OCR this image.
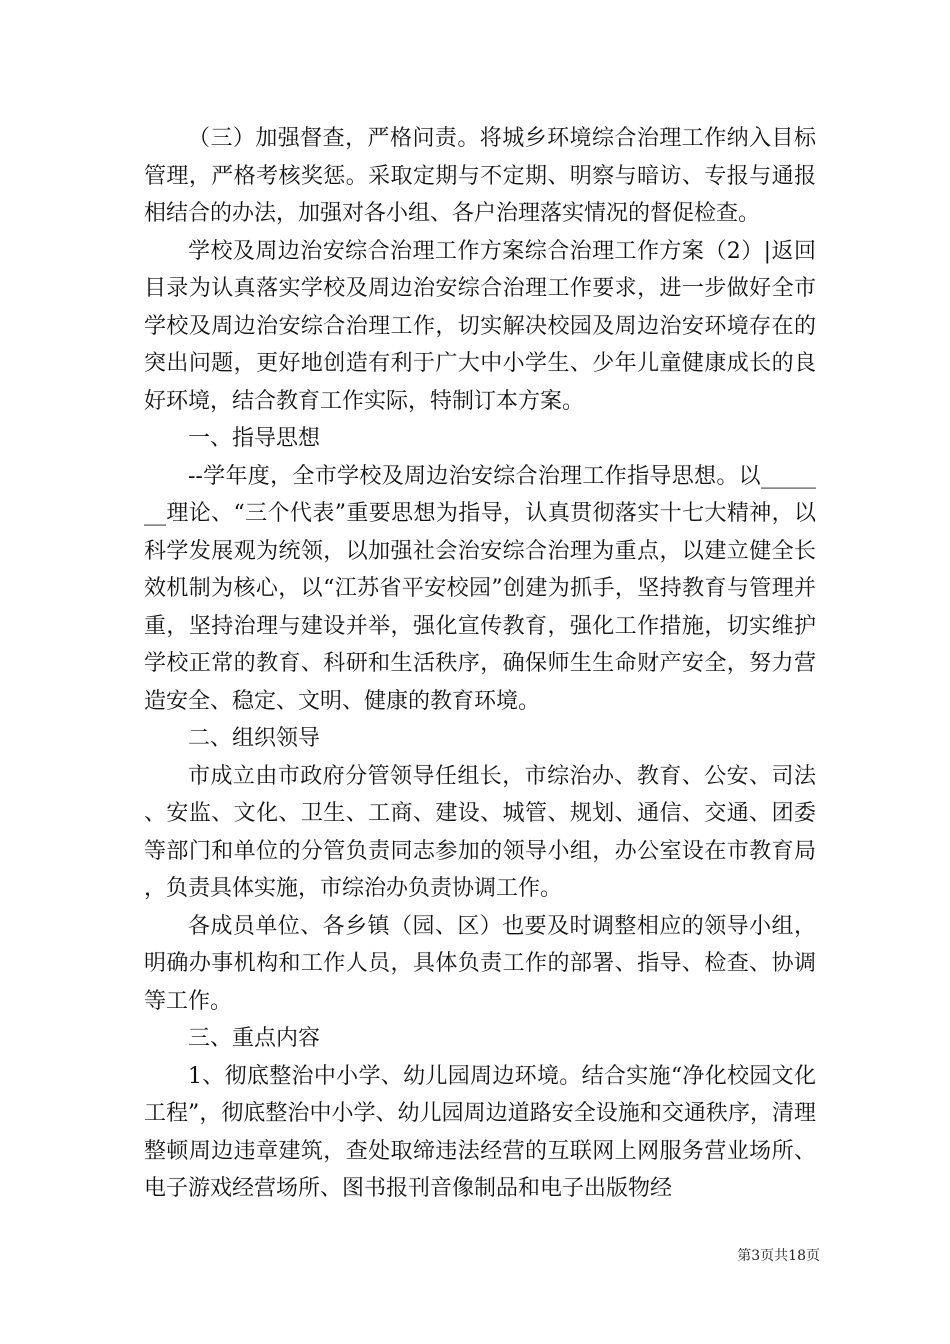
（三）加强督查，严格问责。将城乡环境综合治理工作纳入目标管理，严格考核奖惩。采取定期与不定期、明察与暗访、专报与通报相结合的办法，加强对各小组、各户治理落实情况的督促检查。

学校及周边治安综合治理工作方案综合治理工作方案（2）|返回目录为认真落实学校及周边治安综合治理工作要求，进一步做好全市学校及周边治安综合治理工作，切实解决校园及周边治安环境存在的突出问题，更好地创造有利于广大中小学生、少年儿童健康成长的良好环境，结合教育工作实际，特制订本方案。

一、指导思想

--学年度，全市学校及周边治安综合治理工作指导思想。以_______理论、“三个代表”重要思想为指导，认真贯彻落实十七大精神，以科学发展观为统领，以加强社会治安综合治理为重点，以建立健全长效机制为核心，以“江苏省平安校园”创建为抓手，坚持教育与管理并重，坚持治理与建设并举，强化宣传教育，强化工作措施，切实维护学校正常的教育、科研和生活秩序，确保师生生命财产安全，努力营造安全、稳定、文明、健康的教育环境。

二、组织领导

市成立由市政府分管领导任组长，市综治办、教育、公安、司法、安监、文化、卫生、工商、建设、城管、规划、通信、交通、团委等部门和单位的分管负责同志参加的领导小组，办公室设在市教育局，负责具体实施，市综治办负责协调工作。

各成员单位、各乡镇（园、区）也要及时调整相应的领导小组，明确办事机构和工作人员，具体负责工作的部署、指导、检查、协调等工作。

三、重点内容

1、彻底整治中小学、幼儿园周边环境。结合实施“净化校园文化工程”，彻底整治中小学、幼儿园周边道路安全设施和交通秩序，清理整顿周边违章建筑，查处取缔违法经营的互联网上网服务营业场所、电子游戏经营场所、图书报刊音像制品和电子出版物经

第3页共18页
